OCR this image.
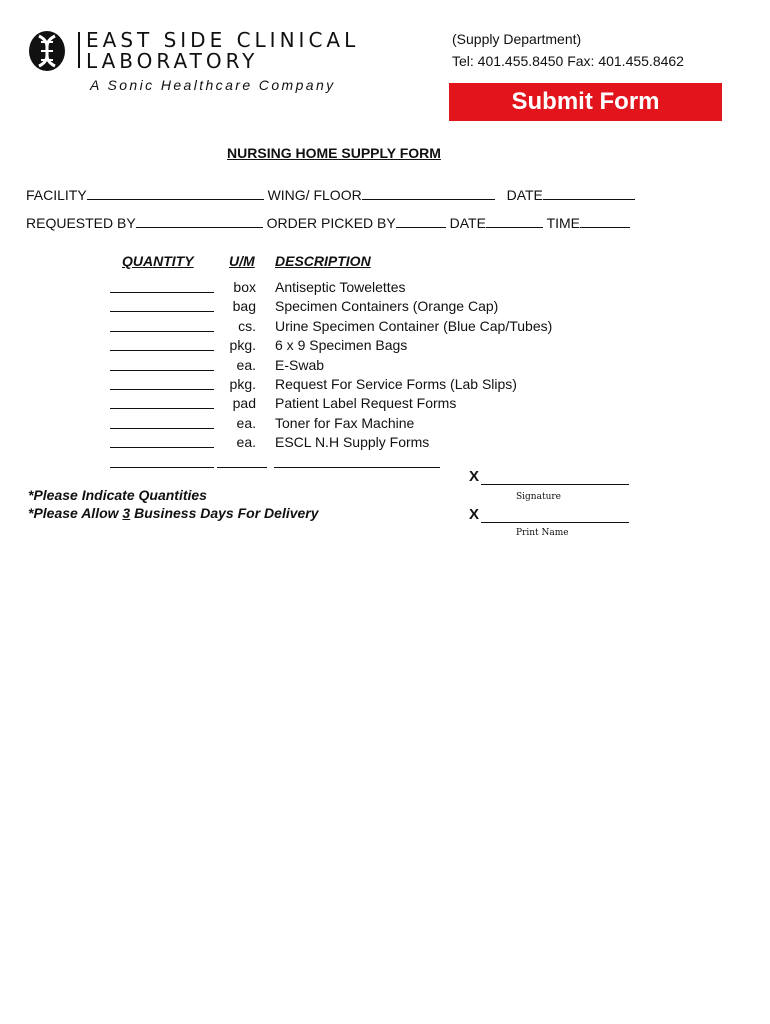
EAST SIDE CLINICAL
LABORATORY
A Sonic Healthcare Company
(Supply Department)
Tel: 401.455.8450 Fax: 401.455.8462
Submit Form
NURSING HOME SUPPLY FORM
FACILITY	WING/ FLOOR	DATE
REQUESTED BY	ORDER PICKED BY	DATE	TIME
QUANTITY	U/M DESCRIPTION
box Antiseptic Towelettes
bag Specimen Containers (Orange Cap)
cs. Urine Specimen Container (Blue Cap/Tubes)
pkg. 6 x 9 Specimen Bags
ea. E-Swab
pkg. Request For Service Forms (Lab Slips)
pad Patient Label Request Forms
ea. Toner for Fax Machine
ea. ESCL N.H Supply Forms
*Please Indicate Quantities
*Please Allow 3 Business Days For Delivery
X
Signature
X
Print Name
